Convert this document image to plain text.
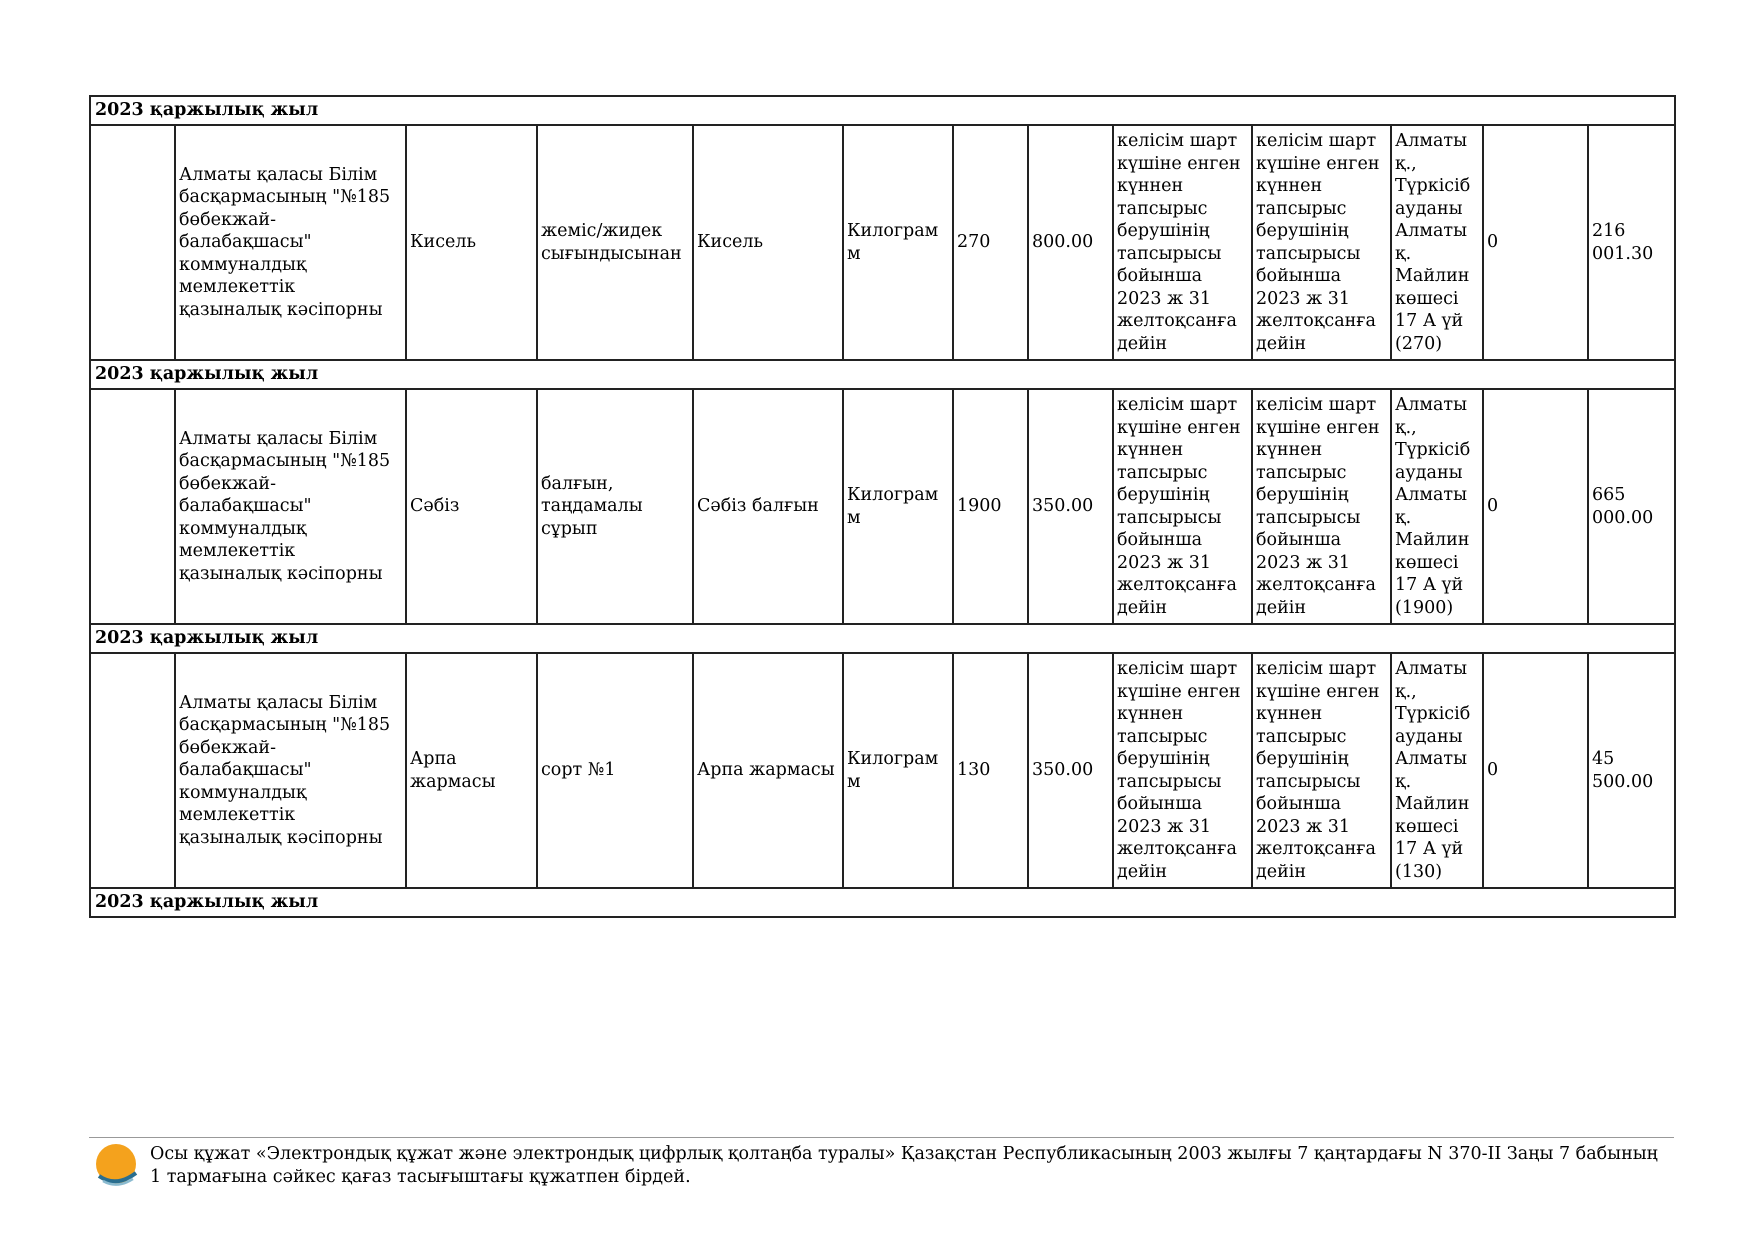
2023 қаржылық жыл												
	Алматы қаласы Білім басқармасының "№185 бөбекжай-балабақшасы" коммуналдық мемлекеттік қазыналық кәсіпорны	Кисель	жеміс/жидек сығындысынан	Кисель	Килограмм	270	800.00	келісім шарт күшіне енген күннен тапсырыс берушінің тапсырысы бойынша 2023 ж 31 желтоқсанға дейін	келісім шарт күшіне енген күннен тапсырыс берушінің тапсырысы бойынша 2023 ж 31 желтоқсанға дейін	Алматы қ., Түркісіб ауданы Алматы қ. Майлин көшесі 17 А үй (270)	0	216 001.30
2023 қаржылық жыл												
	Алматы қаласы Білім басқармасының "№185 бөбекжай-балабақшасы" коммуналдық мемлекеттік қазыналық кәсіпорны	Сәбіз	балғын, таңдамалы сұрып	Сәбіз балғын	Килограмм	1900	350.00	келісім шарт күшіне енген күннен тапсырыс берушінің тапсырысы бойынша 2023 ж 31 желтоқсанға дейін	келісім шарт күшіне енген күннен тапсырыс берушінің тапсырысы бойынша 2023 ж 31 желтоқсанға дейін	Алматы қ., Түркісіб ауданы Алматы қ. Майлин көшесі 17 А үй (1900)	0	665 000.00
2023 қаржылық жыл												
	Алматы қаласы Білім басқармасының "№185 бөбекжай-балабақшасы" коммуналдық мемлекеттік қазыналық кәсіпорны	Арпа жармасы	сорт №1	Арпа жармасы	Килограмм	130	350.00	келісім шарт күшіне енген күннен тапсырыс берушінің тапсырысы бойынша 2023 ж 31 желтоқсанға дейін	келісім шарт күшіне енген күннен тапсырыс берушінің тапсырысы бойынша 2023 ж 31 желтоқсанға дейін	Алматы қ., Түркісіб ауданы Алматы қ. Майлин көшесі 17 А үй (130)	0	45 500.00
2023 қаржылық жыл												
Осы құжат «Электрондық құжат және электрондық цифрлық қолтаңба туралы» Қазақстан Республикасының 2003 жылғы 7 қаңтардағы N 370-II Заңы 7 бабының 1 тармағына сәйкес қағаз тасығыштағы құжатпен бірдей.
